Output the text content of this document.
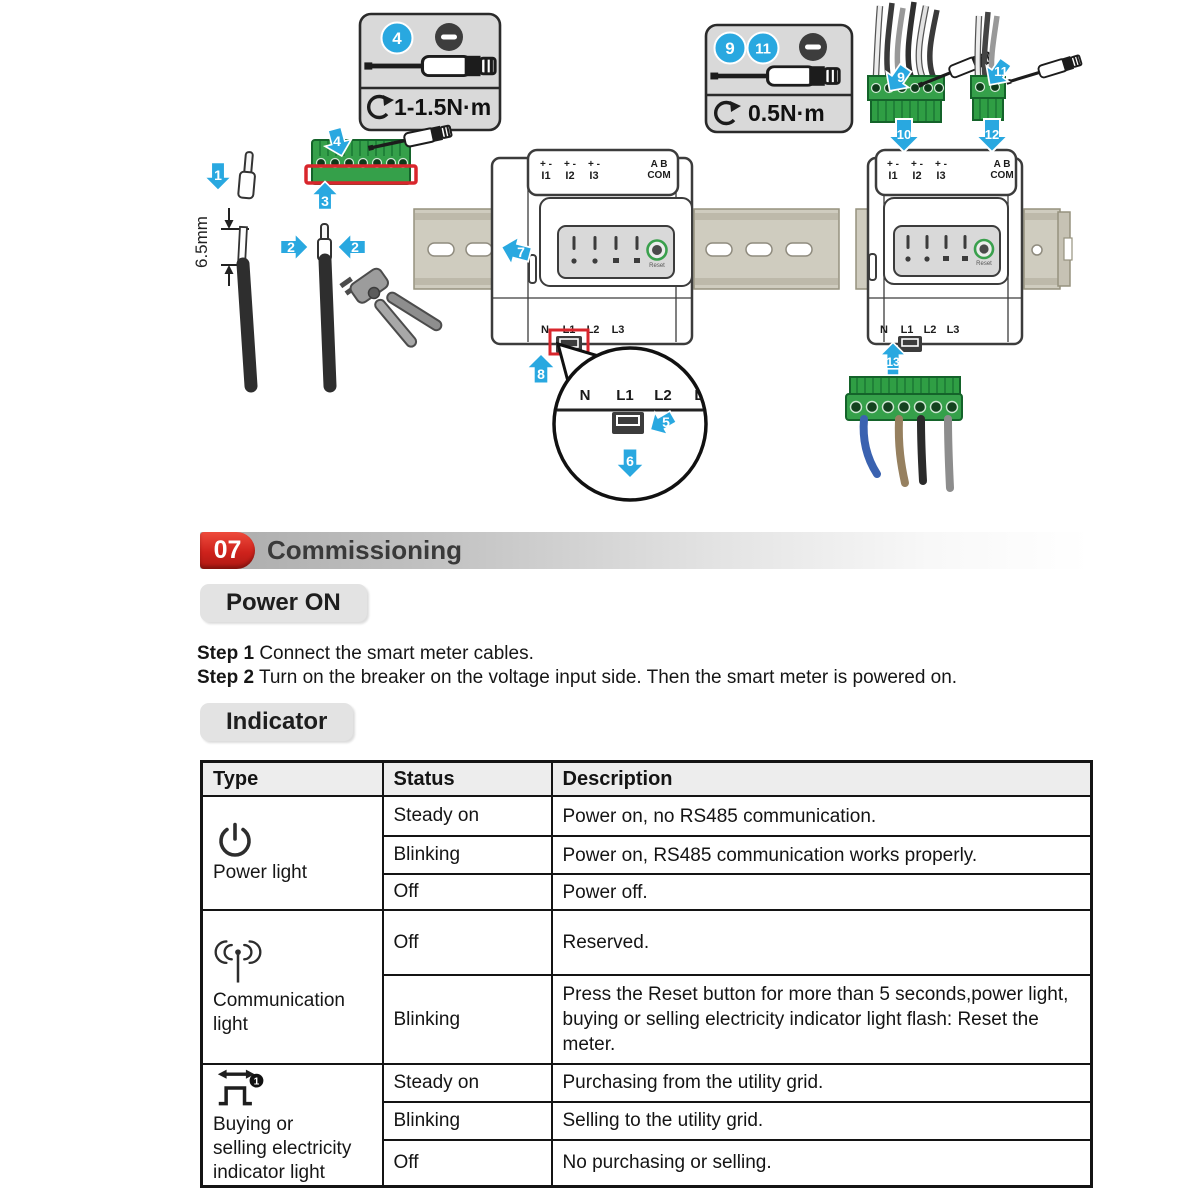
4
1-1.5N·m
9 11
0.5N·m
6.5mm
+ - + - + -
I1 I2 I3
A B
COM
Reset
N L1 L2 L3
N L1 L2 L
+ - + - + -
I1 I2 I3
A B
COM
Reset
N L1 L2 L3
1
2	2
3
4
5
6
7
8
9
10
11
12
13
07 Commissioning
Power ON
Step 1 Connect the smart meter cables.
Step 2 Turn on the breaker on the voltage input side. Then the smart meter is powered on.
Indicator
Type	Status	Description

Power light	Steady on	Power on, no RS485 communication.
	Blinking	Power on, RS485 communication works properly.
	Off	Power off.

Communication
light	Off	Reserved.
	Blinking	Press the Reset button for more than 5 seconds,power light, buying or selling electricity indicator light flash: Reset the meter.

1
Buying or
selling electricity
indicator light	Steady on	Purchasing from the utility grid.
	Blinking	Selling to the utility grid.
	Off	No purchasing or selling.
